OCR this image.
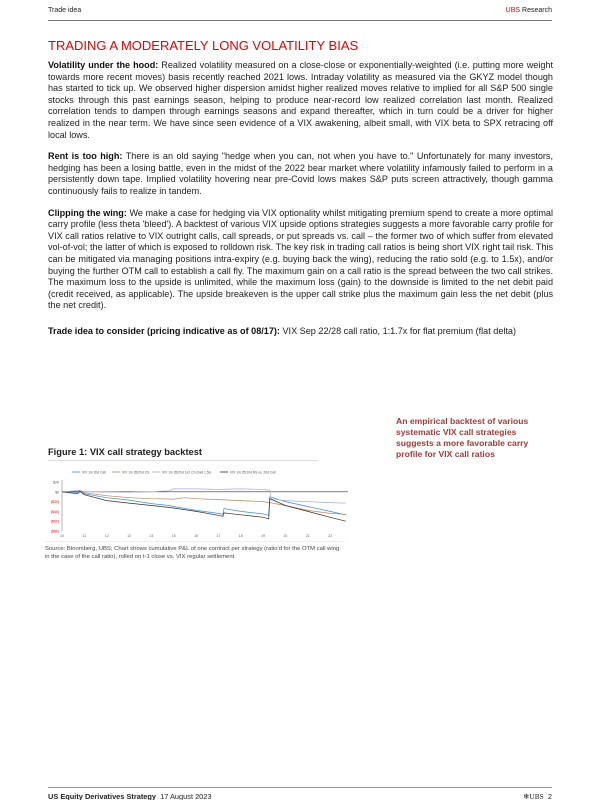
Trade idea	UBS Research
TRADING A MODERATELY LONG VOLATILITY BIAS

Volatility under the hood: Realized volatility measured on a close-close or exponentially-weighted (i.e. putting more weight towards more recent moves) basis recently reached 2021 lows. Intraday volatility as measured via the GKYZ model though has started to tick up. We observed higher dispersion amidst higher realized moves relative to implied for all S&P 500 single stocks through this past earnings season, helping to produce near-record low realized correlation last month. Realized correlation tends to dampen through earnings seasons and expand thereafter, which in turn could be a driver for higher realized in the near term. We have since seen evidence of a VIX awakening, albeit small, with VIX beta to SPX retracing off local lows.

Rent is too high: There is an old saying "hedge when you can, not when you have to." Unfortunately for many investors, hedging has been a losing battle, even in the midst of the 2022 bear market where volatility infamously failed to perform in a persistently down tape. Implied volatility hovering near pre-Covid lows makes S&P puts screen attractively, though gamma continuously fails to realize in tandem.

Clipping the wing: We make a case for hedging via VIX optionality whilst mitigating premium spend to create a more optimal carry profile (less theta 'bleed'). A backtest of various VIX upside options strategies suggests a more favorable carry profile for VIX call ratios relative to VIX outright calls, call spreads, or put spreads vs. call – the former two of which suffer from elevated vol-of-vol; the latter of which is exposed to rolldown risk. The key risk in trading call ratios is being short VIX right tail risk. This can be mitigated via managing positions intra-expiry (e.g. buying back the wing), reducing the ratio sold (e.g. to 1.5x), and/or buying the further OTM call to establish a call fly. The maximum gain on a call ratio is the spread between the two call strikes. The maximum loss to the upside is unlimited, while the maximum loss (gain) to the downside is limited to the net debit paid (credit received, as applicable). The upside breakeven is the upper call strike plus the maximum gain less the net debit (plus the net credit).

Trade idea to consider (pricing indicative as of 08/17): VIX Sep 22/28 call ratio, 1:1.7x for flat premium (flat delta)

Figure 1: VIX call strategy backtest
An empirical backtest of various systematic VIX call strategies suggests a more favorable carry profile for VIX call ratios
$20
$0
($20)
($40)
($60)
($80)
10	11	12	13	14	15	16	17	18	19	20	21	22
VIX 1m 20d Call	VIX 1m 35/20d CS	VIX 1m 35/20d 1x2 CS (Sell 1.5x)	VIX 1m 25/10d RS vs. 20d Call
Source: Bloomberg, UBS; Chart shows cumulative P&L of one contract per strategy (ratio'd for the OTM call wing in the case of the call ratio), rolled on t-1 close vs. VIX regular settlement
US Equity Derivatives Strategy 17 August 2023	❄UBS 2
